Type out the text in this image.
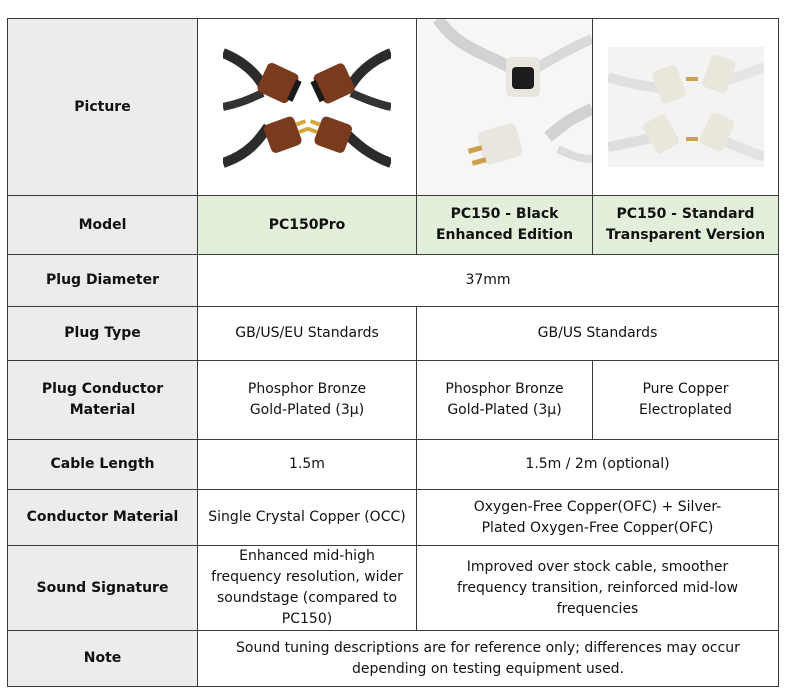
Picture	

Model	PC150Pro	PC150 - Black Enhanced Edition	PC150 - Standard Transparent Version
Plug Diameter	37mm		
Plug Type	GB/US/EU Standards	GB/US Standards	
Plug Conductor Material	Phosphor Bronze Gold-Plated (3μ)	Phosphor Bronze Gold-Plated (3μ)	Pure Copper Electroplated
Cable Length	1.5m	1.5m / 2m (optional)	
Conductor Material	Single Crystal Copper (OCC)	Oxygen-Free Copper(OFC) + Silver-Plated Oxygen-Free Copper(OFC)	
Sound Signature	Enhanced mid-high frequency resolution, wider soundstage (compared to PC150)	Improved over stock cable, smoother frequency transition, reinforced mid-low frequencies	
Note	Sound tuning descriptions are for reference only; differences may occur depending on testing equipment used.		
